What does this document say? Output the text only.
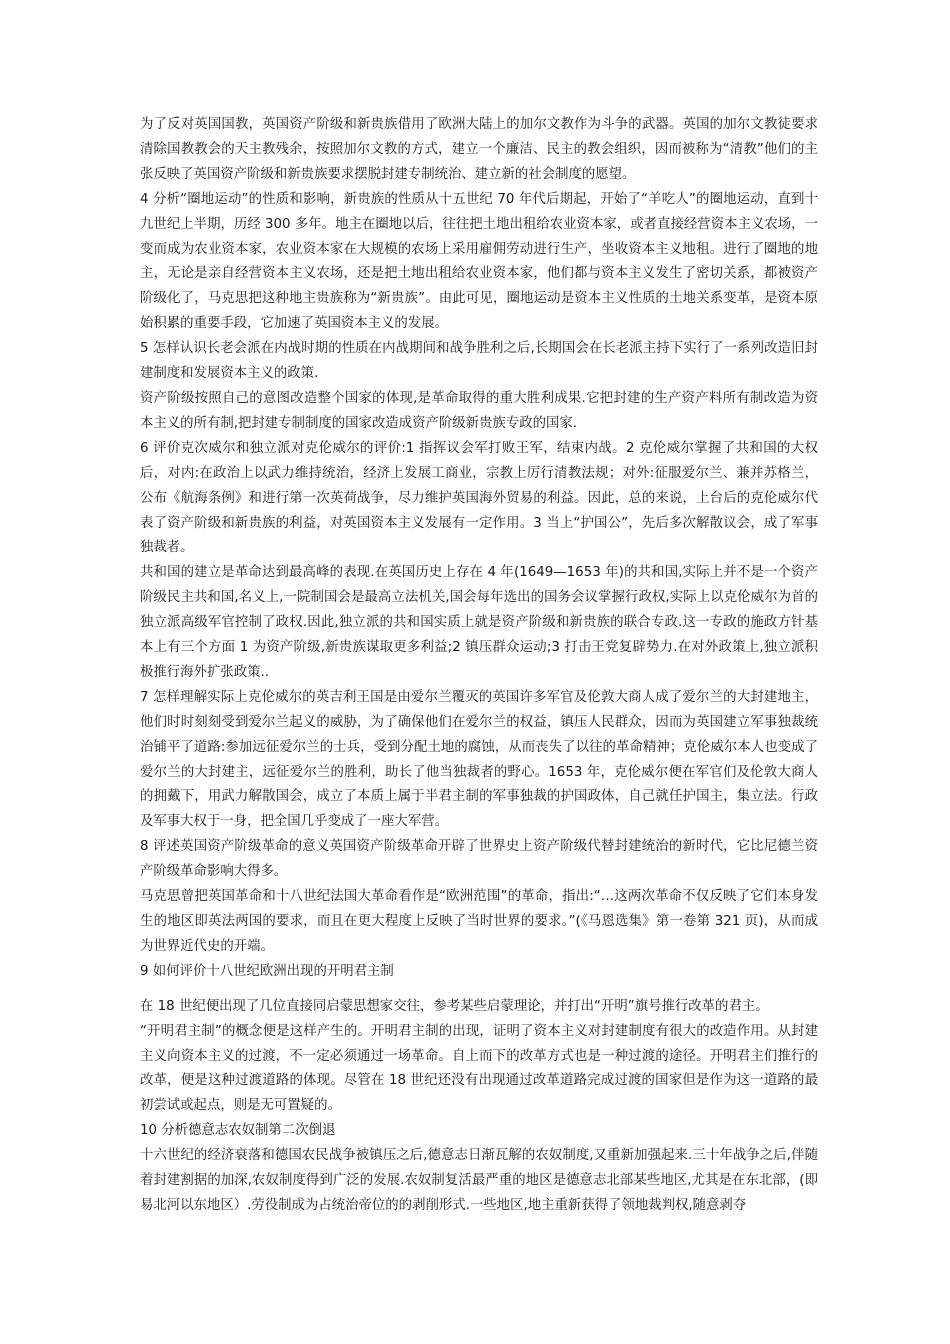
为了反对英国国教，英国资产阶级和新贵族借用了欧洲大陆上的加尔文教作为斗争的武器。英国的加尔文教徒要求清除国教教会的天主教残余，按照加尔文教的方式，建立一个廉洁、民主的教会组织，因而被称为“清教”他们的主张反映了英国资产阶级和新贵族要求摆脱封建专制统治、建立新的社会制度的愿望。

4 分析“圈地运动”的性质和影响，新贵族的性质从十五世纪 70 年代后期起，开始了“羊吃人”的圈地运动，直到十九世纪上半期，历经 300 多年。地主在圈地以后，往往把土地出租给农业资本家，或者直接经营资本主义农场，一变而成为农业资本家，农业资本家在大规模的农场上采用雇佣劳动进行生产，坐收资本主义地租。进行了圈地的地主，无论是亲自经营资本主义农场，还是把土地出租给农业资本家，他们都与资本主义发生了密切关系，都被资产阶级化了，马克思把这种地主贵族称为“新贵族”。由此可见，圈地运动是资本主义性质的土地关系变革，是资本原始积累的重要手段，它加速了英国资本主义的发展。

5 怎样认识长老会派在内战时期的性质在内战期间和战争胜利之后,长期国会在长老派主持下实行了一系列改造旧封建制度和发展资本主义的政策.

资产阶级按照自己的意图改造整个国家的体现,是革命取得的重大胜利成果.它把封建的生产资产料所有制改造为资本主义的所有制,把封建专制制度的国家改造成资产阶级新贵族专政的国家.

6 评价克次威尔和独立派对克伦威尔的评价:1 指挥议会军打败王军，结束内战。2 克伦威尔掌握了共和国的大权后，对内:在政治上以武力维持统治，经济上发展工商业，宗教上厉行清教法规；对外:征服爱尔兰、兼并苏格兰，公布《航海条例》和进行第一次英荷战争，尽力维护英国海外贸易的利益。因此，总的来说，上台后的克伦威尔代表了资产阶级和新贵族的利益，对英国资本主义发展有一定作用。3 当上“护国公”，先后多次解散议会，成了军事独裁者。

共和国的建立是革命达到最高峰的表现.在英国历史上存在 4 年(1649—1653 年)的共和国,实际上并不是一个资产阶级民主共和国,名义上,一院制国会是最高立法机关,国会每年选出的国务会议掌握行政权,实际上以克伦威尔为首的独立派高级军官控制了政权.因此,独立派的共和国实质上就是资产阶级和新贵族的联合专政.这一专政的施政方针基本上有三个方面 1 为资产阶级,新贵族谋取更多利益;2 镇压群众运动;3 打击王党复辟势力.在对外政策上,独立派积极推行海外扩张政策..

7 怎样理解实际上克伦威尔的英吉利王国是由爱尔兰覆灭的英国许多军官及伦敦大商人成了爱尔兰的大封建地主，他们时时刻刻受到爱尔兰起义的威胁，为了确保他们在爱尔兰的权益，镇压人民群众，因而为英国建立军事独裁统治铺平了道路:参加远征爱尔兰的士兵，受到分配土地的腐蚀，从而丧失了以往的革命精神；克伦威尔本人也变成了爱尔兰的大封建主，远征爱尔兰的胜利，助长了他当独裁者的野心。1653 年，克伦威尔便在军官们及伦敦大商人的拥戴下，用武力解散国会，成立了本质上属于半君主制的军事独裁的护国政体，自己就任护国主，集立法。行政及军事大权于一身，把全国几乎变成了一座大军营。

8 评述英国资产阶级革命的意义英国资产阶级革命开辟了世界史上资产阶级代替封建统治的新时代，它比尼德兰资产阶级革命影响大得多。

马克思曾把英国革命和十八世纪法国大革命看作是“欧洲范围”的革命，指出:“…这两次革命不仅反映了它们本身发生的地区即英法两国的要求，而且在更大程度上反映了当时世界的要求。”(《马恩选集》第一卷第 321 页)，从而成为世界近代史的开端。

9 如何评价十八世纪欧洲出现的开明君主制

在 18 世纪便出现了几位直接同启蒙思想家交往，参考某些启蒙理论，并打出“开明”旗号推行改革的君主。

“开明君主制”的概念便是这样产生的。开明君主制的出现，证明了资本主义对封建制度有很大的改造作用。从封建主义向资本主义的过渡，不一定必须通过一场革命。自上而下的改革方式也是一种过渡的途径。开明君主们推行的改革，便是这种过渡道路的体现。尽管在 18 世纪还没有出现通过改革道路完成过渡的国家但是作为这一道路的最初尝试或起点，则是无可置疑的。

10 分析德意志农奴制第二次倒退

十六世纪的经济衰落和德国农民战争被镇压之后,德意志日渐瓦解的农奴制度,又重新加强起来.三十年战争之后,伴随着封建割据的加深,农奴制度得到广泛的发展.农奴制复活最严重的地区是德意志北部某些地区,尤其是在东北部，(即易北河以东地区）.劳役制成为占统治帝位的的剥削形式.一些地区,地主重新获得了领地裁判权,随意剥夺
